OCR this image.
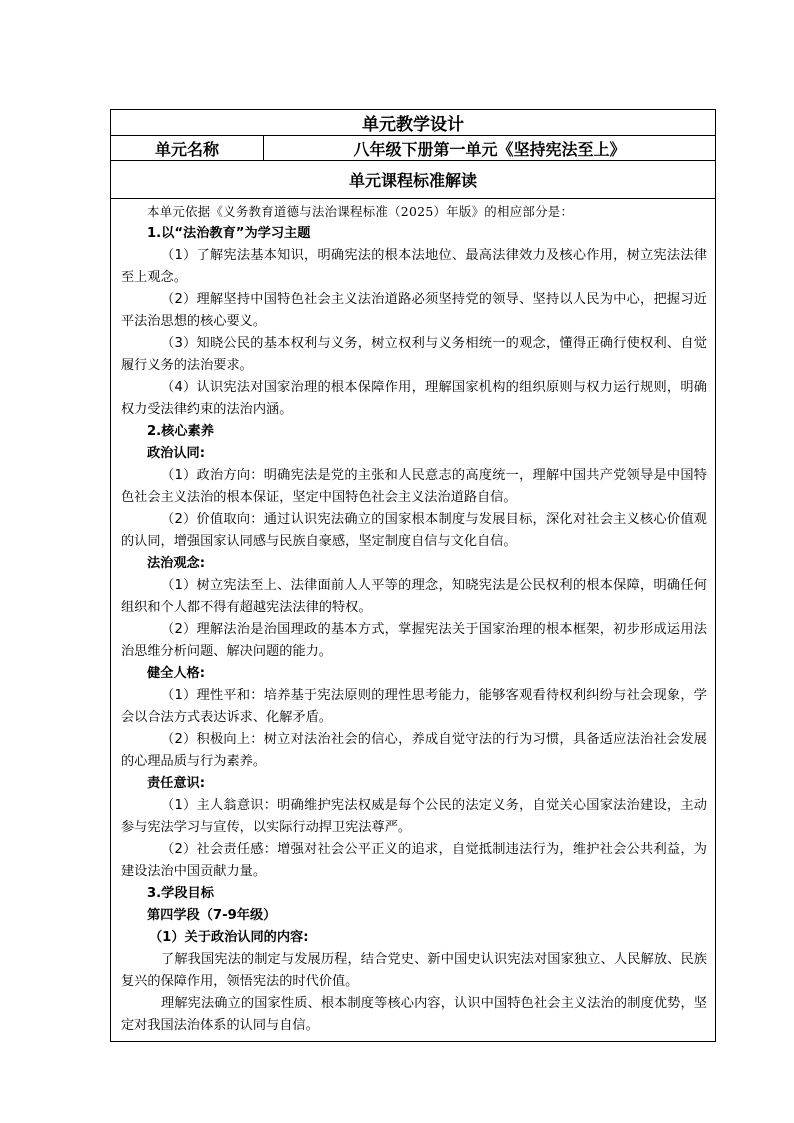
单元教学设计
单元名称	八年级下册第一单元《坚持宪法至上》
单元课程标准解读

本单元依据《义务教育道德与法治课程标准（2025）年版》的相应部分是：

1.以“法治教育”为学习主题

（1）了解宪法基本知识，明确宪法的根本法地位、最高法律效力及核心作用，树立宪法法律至上观念。

（2）理解坚持中国特色社会主义法治道路必须坚持党的领导、坚持以人民为中心，把握习近平法治思想的核心要义。

（3）知晓公民的基本权利与义务，树立权利与义务相统一的观念，懂得正确行使权利、自觉履行义务的法治要求。

（4）认识宪法对国家治理的根本保障作用，理解国家机构的组织原则与权力运行规则，明确权力受法律约束的法治内涵。

2.核心素养

政治认同:

（1）政治方向：明确宪法是党的主张和人民意志的高度统一，理解中国共产党领导是中国特色社会主义法治的根本保证，坚定中国特色社会主义法治道路自信。

（2）价值取向：通过认识宪法确立的国家根本制度与发展目标，深化对社会主义核心价值观的认同，增强国家认同感与民族自豪感，坚定制度自信与文化自信。

法治观念:

（1）树立宪法至上、法律面前人人平等的理念，知晓宪法是公民权利的根本保障，明确任何组织和个人都不得有超越宪法法律的特权。

（2）理解法治是治国理政的基本方式，掌握宪法关于国家治理的根本框架，初步形成运用法治思维分析问题、解决问题的能力。

健全人格:

（1）理性平和：培养基于宪法原则的理性思考能力，能够客观看待权利纠纷与社会现象，学会以合法方式表达诉求、化解矛盾。

（2）积极向上：树立对法治社会的信心，养成自觉守法的行为习惯，具备适应法治社会发展的心理品质与行为素养。

责任意识:

（1）主人翁意识：明确维护宪法权威是每个公民的法定义务，自觉关心国家法治建设，主动参与宪法学习与宣传，以实际行动捍卫宪法尊严。

（2）社会责任感：增强对社会公平正义的追求，自觉抵制违法行为，维护社会公共利益，为建设法治中国贡献力量。

3.学段目标

第四学段（7-9年级）

（1）关于政治认同的内容:

了解我国宪法的制定与发展历程，结合党史、新中国史认识宪法对国家独立、人民解放、民族复兴的保障作用，领悟宪法的时代价值。

理解宪法确立的国家性质、根本制度等核心内容，认识中国特色社会主义法治的制度优势，坚定对我国法治体系的认同与自信。
